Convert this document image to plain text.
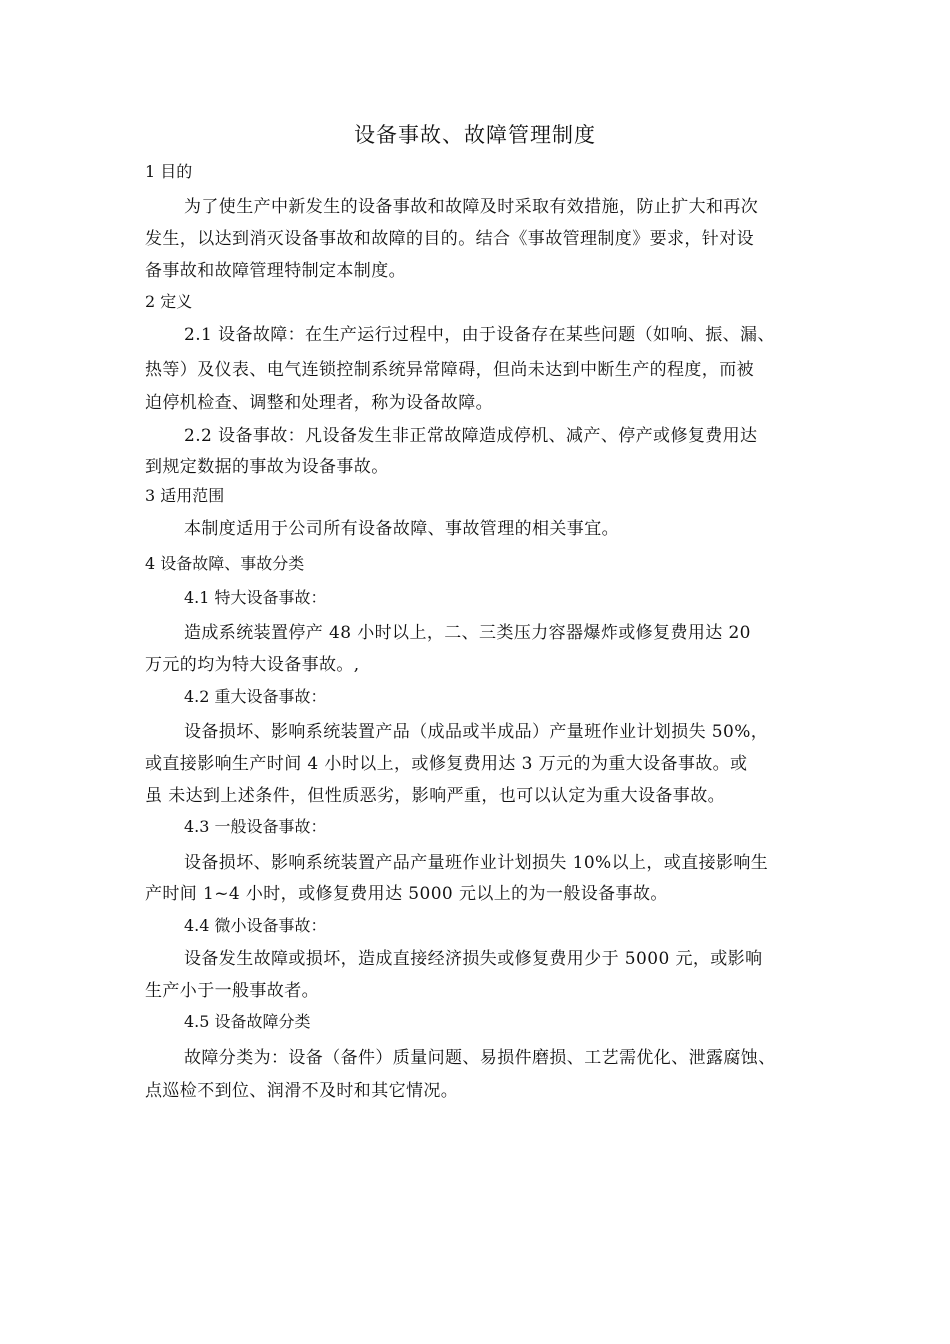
设备事故、故障管理制度
1 目的
为了使生产中新发生的设备事故和故障及时采取有效措施，防止扩大和再次
发生，以达到消灭设备事故和故障的目的。结合《事故管理制度》要求，针对设
备事故和故障管理特制定本制度。
2 定义
2.1 设备故障：在生产运行过程中，由于设备存在某些问题（如响、振、漏、
热等）及仪表、电气连锁控制系统异常障碍，但尚未达到中断生产的程度，而被
迫停机检查、调整和处理者，称为设备故障。
2.2 设备事故：凡设备发生非正常故障造成停机、减产、停产或修复费用达
到规定数据的事故为设备事故。
3 适用范围
本制度适用于公司所有设备故障、事故管理的相关事宜。
4 设备故障、事故分类
4.1 特大设备事故：
造成系统装置停产 48 小时以上，二、三类压力容器爆炸或修复费用达 20
万元的均为特大设备事故。,
4.2 重大设备事故：
设备损坏、影响系统装置产品（成品或半成品）产量班作业计划损失 50%，
或直接影响生产时间 4 小时以上，或修复费用达 3 万元的为重大设备事故。或
虽 未达到上述条件，但性质恶劣，影响严重，也可以认定为重大设备事故。
4.3 一般设备事故：
设备损坏、影响系统装置产品产量班作业计划损失 10%以上，或直接影响生
产时间 1~4 小时，或修复费用达 5000 元以上的为一般设备事故。
4.4 微小设备事故：
设备发生故障或损坏，造成直接经济损失或修复费用少于 5000 元，或影响
生产小于一般事故者。
4.5 设备故障分类
故障分类为：设备（备件）质量问题、易损件磨损、工艺需优化、泄露腐蚀、
点巡检不到位、润滑不及时和其它情况。
